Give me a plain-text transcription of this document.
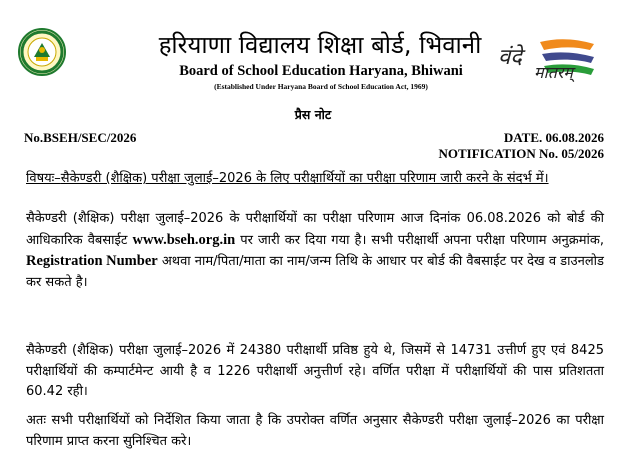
हरियाणा विद्यालय शिक्षा बोर्ड, भिवानी
Board of School Education Haryana, Bhiwani
(Established Under Haryana Board of School Education Act, 1969)
वंदे
मातरम्
प्रैस नोट
No.BSEH/SEC/2026	DATE. 06.08.2026
NOTIFICATION No. 05/2026
विषयः–सैकेण्डरी (शैक्षिक) परीक्षा जुलाई–2026 के लिए परीक्षार्थियों का परीक्षा परिणाम जारी करने के संदर्भ में।
सैकेण्डरी (शैक्षिक) परीक्षा जुलाई–2026 के परीक्षार्थियों का परीक्षा परिणाम आज दिनांक 06.08.2026 को बोर्ड की आधिकारिक वैबसाईट www.bseh.org.in पर जारी कर दिया गया है। सभी परीक्षार्थी अपना परीक्षा परिणाम अनुक्रमांक, Registration Number अथवा नाम/पिता/माता का नाम/जन्म तिथि के आधार पर बोर्ड की वैबसाईट पर देख व डाउनलोड कर सकते है।
सैकेण्डरी (शैक्षिक) परीक्षा जुलाई–2026 में 24380 परीक्षार्थी प्रविष्ठ हुये थे, जिसमें से 14731 उत्तीर्ण हुए एवं 8425 परीक्षार्थियों की कम्पार्टमेन्ट आयी है व 1226 परीक्षार्थी अनुत्तीर्ण रहे। वर्णित परीक्षा में परीक्षार्थियों की पास प्रतिशतता 60.42 रही।
अतः सभी परीक्षार्थियों को निर्देशित किया जाता है कि उपरोक्त वर्णित अनुसार सैकेण्डरी परीक्षा जुलाई–2026 का परीक्षा परिणाम प्राप्त करना सुनिश्चित करे।
